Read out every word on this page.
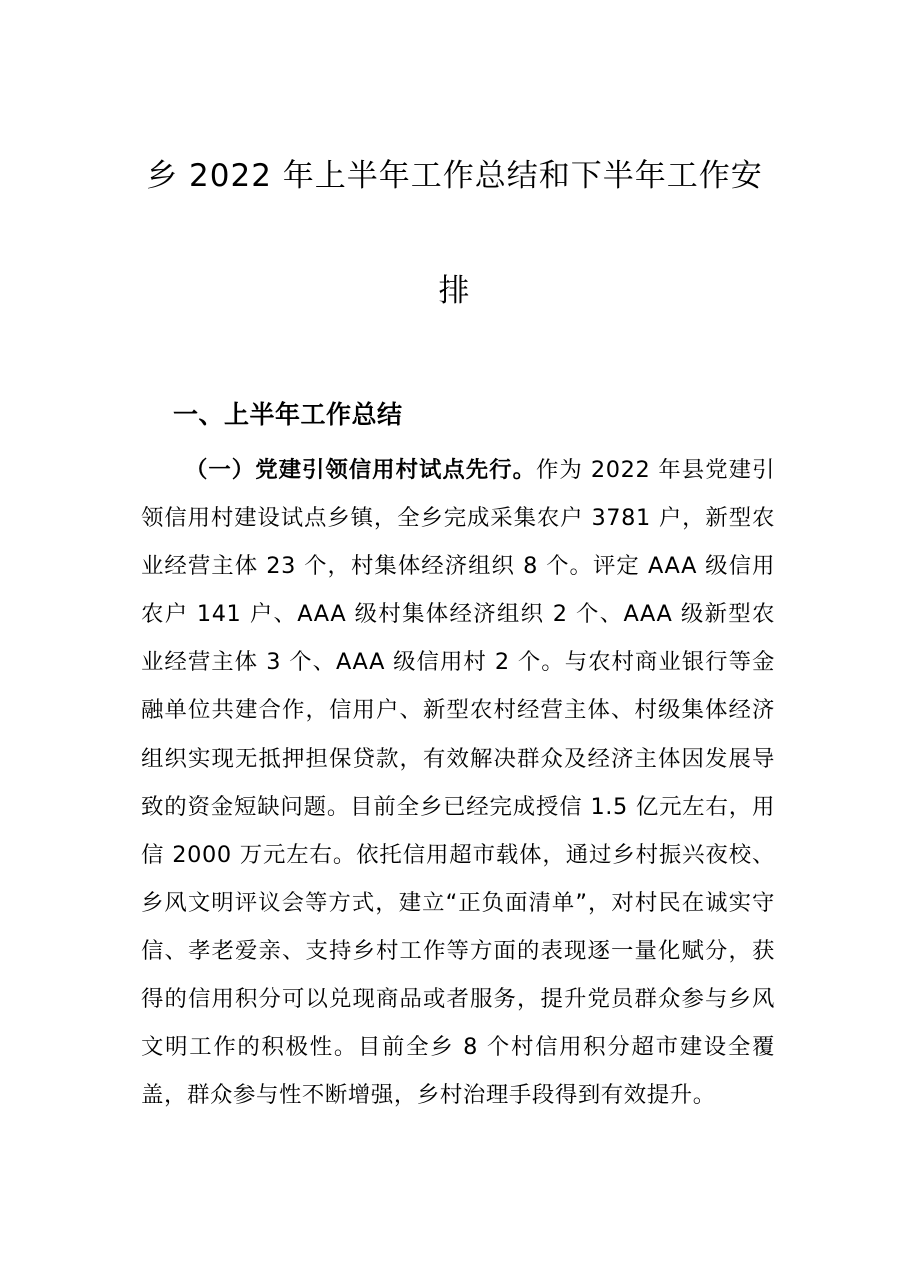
乡 2022 年上半年工作总结和下半年工作安
排
一、上半年工作总结

（一）党建引领信用村试点先行。作为 2022 年县党建引领信用村建设试点乡镇，全乡完成采集农户 3781 户，新型农业经营主体 23 个，村集体经济组织 8 个。评定 AAA 级信用农户 141 户、AAA 级村集体经济组织 2 个、AAA 级新型农业经营主体 3 个、AAA 级信用村 2 个。与农村商业银行等金融单位共建合作，信用户、新型农村经营主体、村级集体经济组织实现无抵押担保贷款，有效解决群众及经济主体因发展导致的资金短缺问题。目前全乡已经完成授信 1.5 亿元左右，用信 2000 万元左右。依托信用超市载体，通过乡村振兴夜校、乡风文明评议会等方式，建立“正负面清单”，对村民在诚实守信、孝老爱亲、支持乡村工作等方面的表现逐一量化赋分，获得的信用积分可以兑现商品或者服务，提升党员群众参与乡风文明工作的积极性。目前全乡 8 个村信用积分超市建设全覆盖，群众参与性不断增强，乡村治理手段得到有效提升。
